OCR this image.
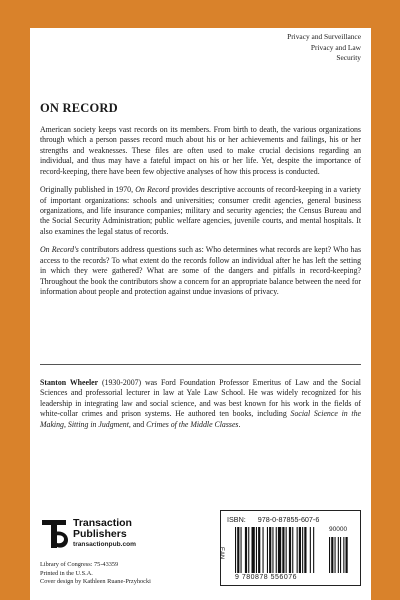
Privacy and Surveillance
Privacy and Law
Security
ON RECORD

American society keeps vast records on its members. From birth to death, the various organizations through which a person passes record much about his or her achievements and failings, his or her strengths and weaknesses. These files are often used to make crucial decisions regarding an individual, and thus may have a fateful impact on his or her life. Yet, despite the importance of record-keeping, there have been few objective analyses of how this process is conducted.

Originally published in 1970, On Record provides descriptive accounts of record-keeping in a variety of important organizations: schools and universities; consumer credit agencies, general business organizations, and life insurance companies; military and security agencies; the Census Bureau and the Social Security Administration; public welfare agencies, juvenile courts, and mental hospitals. It also examines the legal status of records.

On Record's contributors address questions such as: Who determines what records are kept? Who has access to the records? To what extent do the records follow an individual after he has left the setting in which they were gathered? What are some of the dangers and pitfalls in record-keeping? Throughout the book the contributors show a concern for an appropriate balance between the need for information about people and protection against undue invasions of privacy.

Stanton Wheeler (1930-2007) was Ford Foundation Professor Emeritus of Law and the Social Sciences and professorial lecturer in law at Yale Law School. He was widely recognized for his leadership in integrating law and social science, and was best known for his work in the fields of white-collar crimes and prison systems. He authored ten books, including Social Science in the Making, Sitting in Judgment, and Crimes of the Middle Classes.

Transaction
Publishers
transactionpub.com
Library of Congress: 75-43359
Printed in the U.S.A.
Cover design by Kathleen Ruane-Przyhocki
ISBN: 978-0-87855-607-6
EAN
90000
9 780878 556076
